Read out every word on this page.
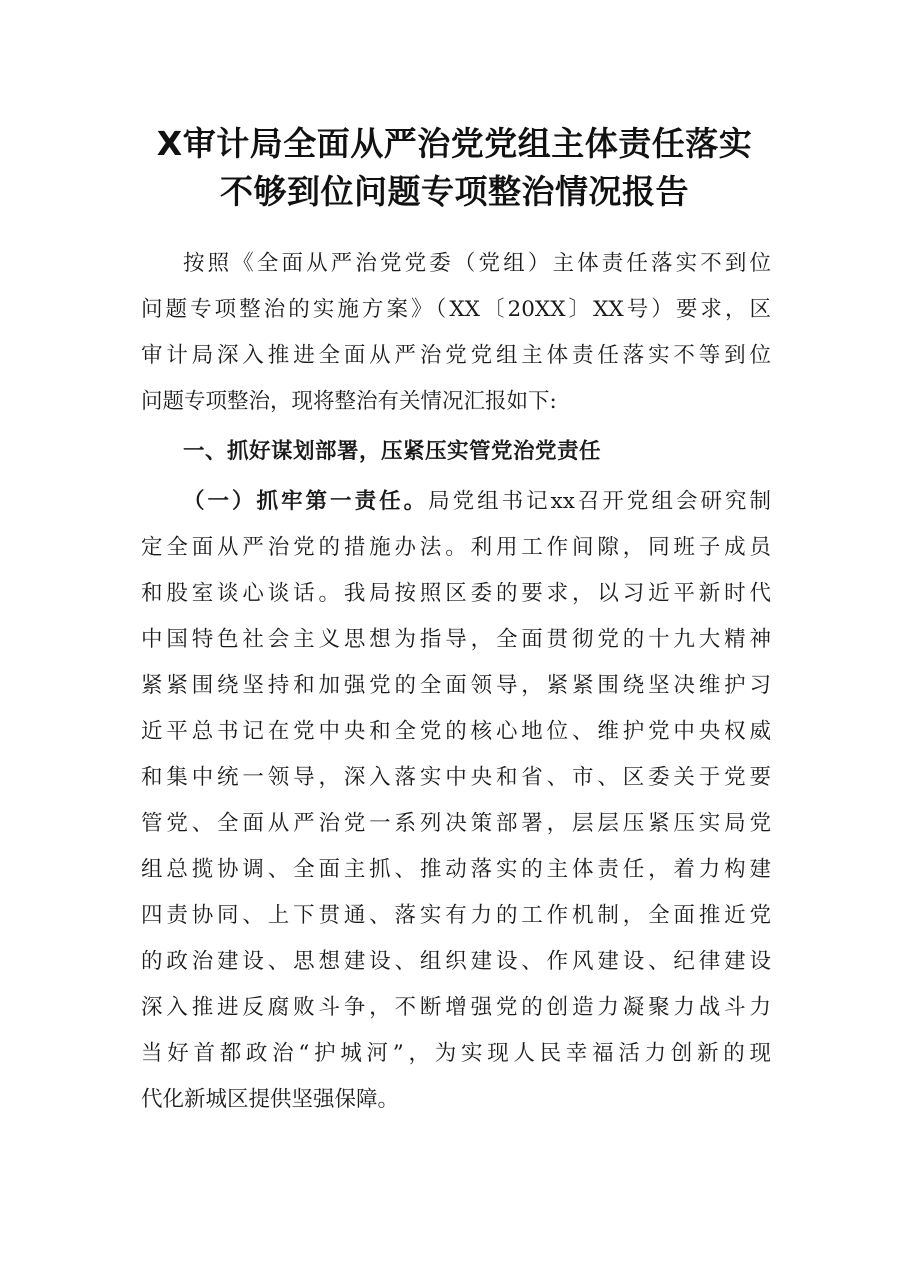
X审计局全面从严治党党组主体责任落实
不够到位问题专项整治情况报告
按照《全面从严治党党委（党组）主体责任落实不到位
问题专项整治的实施方案》（XX〔20XX〕XX号）要求，区
审计局深入推进全面从严治党党组主体责任落实不等到位
问题专项整治，现将整治有关情况汇报如下:
一、抓好谋划部署，压紧压实管党治党责任
（一）抓牢第一责任。局党组书记xx召开党组会研究制
定全面从严治党的措施办法。利用工作间隙，同班子成员
和股室谈心谈话。我局按照区委的要求，以习近平新时代
中国特色社会主义思想为指导，全面贯彻党的十九大精神
紧紧围绕坚持和加强党的全面领导，紧紧围绕坚决维护习
近平总书记在党中央和全党的核心地位、维护党中央权威
和集中统一领导，深入落实中央和省、市、区委关于党要
管党、全面从严治党一系列决策部署，层层压紧压实局党
组总揽协调、全面主抓、推动落实的主体责任，着力构建
四责协同、上下贯通、落实有力的工作机制，全面推近党
的政治建设、思想建设、组织建设、作风建设、纪律建设
深入推进反腐败斗争，不断增强党的创造力凝聚力战斗力
当好首都政治“护城河”，为实现人民幸福活力创新的现
代化新城区提供坚强保障。
